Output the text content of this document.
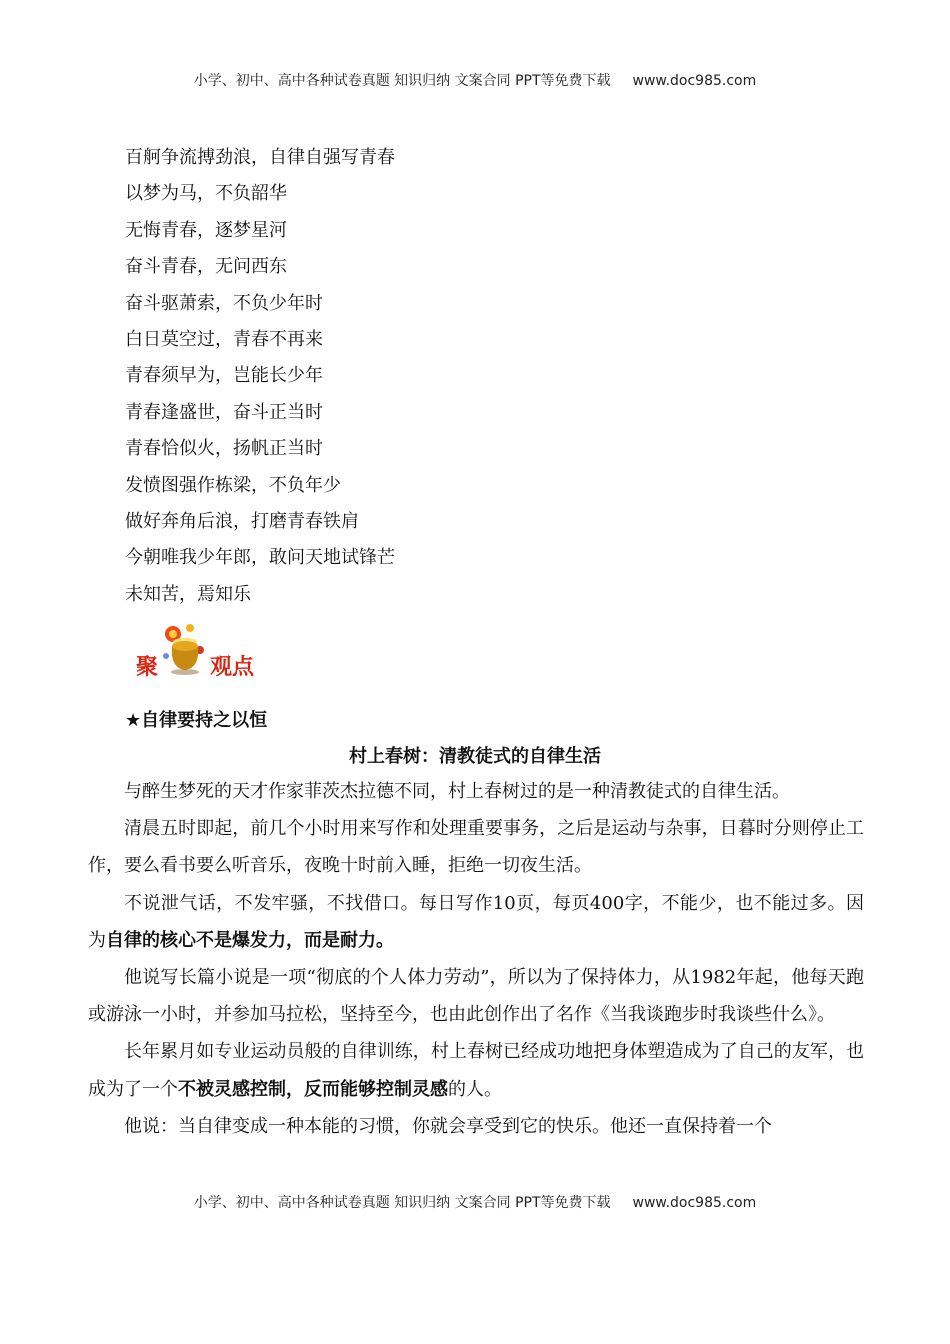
小学、初中、高中各种试卷真题 知识归纳 文案合同 PPT等免费下载 www.doc985.com
百舸争流搏劲浪，自律自强写青春
以梦为马，不负韶华
无悔青春，逐梦星河
奋斗青春，无问西东
奋斗驱萧索，不负少年时
白日莫空过，青春不再来
青春须早为，岂能长少年
青春逢盛世，奋斗正当时
青春恰似火，扬帆正当时
发愤图强作栋梁，不负年少
做好奔角后浪，打磨青春铁肩
今朝唯我少年郎，敢问天地试锋芒
未知苦，焉知乐
聚 观点
★自律要持之以恒
村上春树：清教徒式的自律生活

与醉生梦死的天才作家菲茨杰拉德不同，村上春树过的是一种清教徒式的自律生活。

清晨五时即起，前几个小时用来写作和处理重要事务，之后是运动与杂事，日暮时分则停止工作，要么看书要么听音乐，夜晚十时前入睡，拒绝一切夜生活。

不说泄气话，不发牢骚，不找借口。每日写作10页，每页400字，不能少，也不能过多。因为自律的核心不是爆发力，而是耐力。

他说写长篇小说是一项“彻底的个人体力劳动”，所以为了保持体力，从1982年起，他每天跑或游泳一小时，并参加马拉松，坚持至今，也由此创作出了名作《当我谈跑步时我谈些什么》。

长年累月如专业运动员般的自律训练，村上春树已经成功地把身体塑造成为了自己的友军，也成为了一个不被灵感控制，反而能够控制灵感的人。

他说：当自律变成一种本能的习惯，你就会享受到它的快乐。他还一直保持着一个

小学、初中、高中各种试卷真题 知识归纳 文案合同 PPT等免费下载 www.doc985.com
